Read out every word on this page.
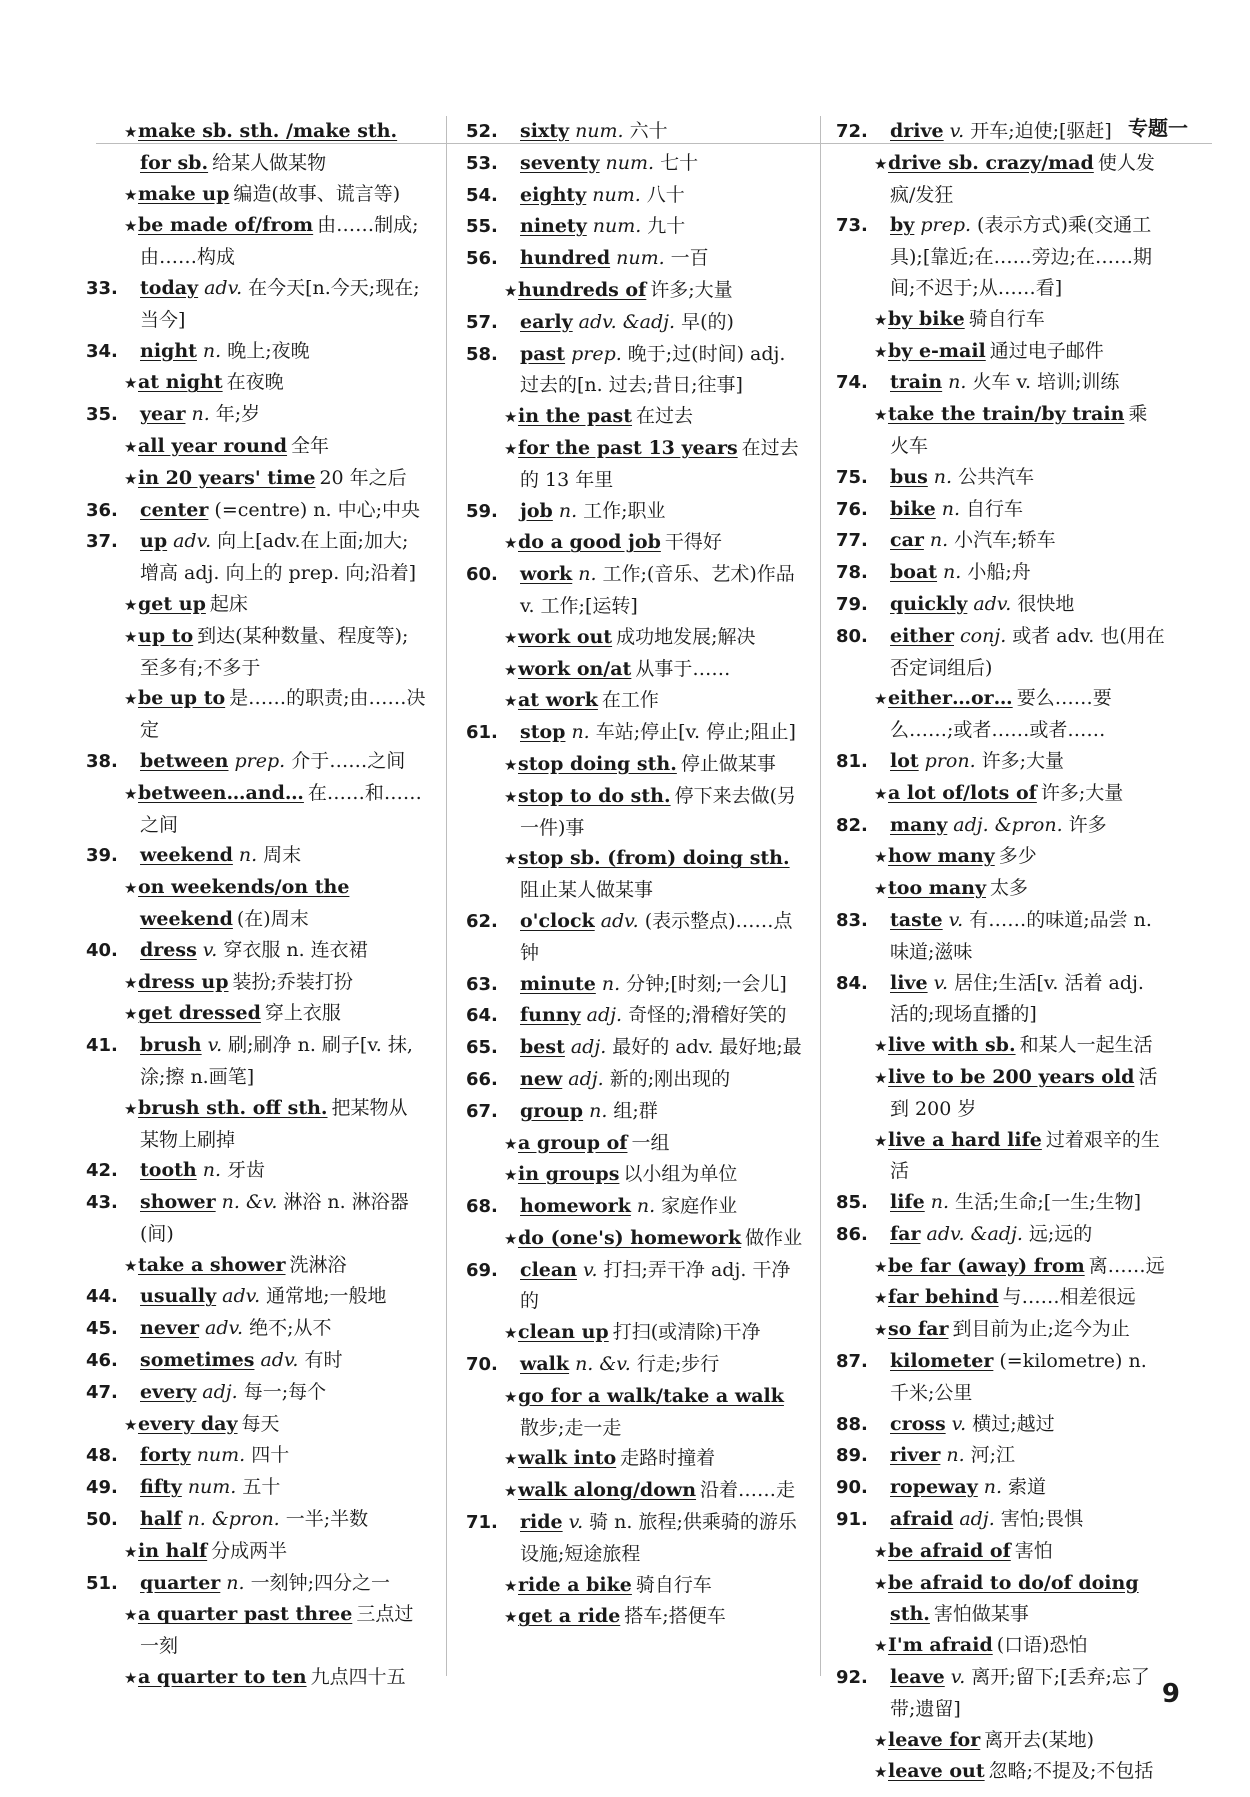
专题一
★make sb. sth. /make sth. for sb. 给某人做某物
★make up 编造(故事、谎言等)
★be made of/from 由……制成;由……构成
33. today adv. 在今天[n.今天;现在;当今]
34. night n. 晚上;夜晚
★at night 在夜晚
35. year n. 年;岁
★all year round 全年
★in 20 years' time 20 年之后
36. center (=centre) n. 中心;中央
37. up adv. 向上[adv.在上面;加大;增高 adj. 向上的 prep. 向;沿着]
★get up 起床
★up to 到达(某种数量、程度等);至多有;不多于
★be up to 是……的职责;由……决定
38. between prep. 介于……之间
★between…and… 在……和……之间
39. weekend n. 周末
★on weekends/on the weekend (在)周末
40. dress v. 穿衣服 n. 连衣裙
★dress up 装扮;乔装打扮
★get dressed 穿上衣服
41. brush v. 刷;刷净 n. 刷子[v. 抹,涂;擦 n.画笔]
★brush sth. off sth. 把某物从某物上刷掉
42. tooth n. 牙齿
43. shower n. &v. 淋浴 n. 淋浴器(间)
★take a shower 洗淋浴
44. usually adv. 通常地;一般地
45. never adv. 绝不;从不
46. sometimes adv. 有时
47. every adj. 每一;每个
★every day 每天
48. forty num. 四十
49. fifty num. 五十
50. half n. &pron. 一半;半数
★in half 分成两半
51. quarter n. 一刻钟;四分之一
★a quarter past three 三点过一刻
★a quarter to ten 九点四十五
52. sixty num. 六十
53. seventy num. 七十
54. eighty num. 八十
55. ninety num. 九十
56. hundred num. 一百
★hundreds of 许多;大量
57. early adv. &adj. 早(的)
58. past prep. 晚于;过(时间) adj. 过去的[n. 过去;昔日;往事]
★in the past 在过去
★for the past 13 years 在过去的 13 年里
59. job n. 工作;职业
★do a good job 干得好
60. work n. 工作;(音乐、艺术)作品 v. 工作;[运转]
★work out 成功地发展;解决
★work on/at 从事于……
★at work 在工作
61. stop n. 车站;停止[v. 停止;阻止]
★stop doing sth. 停止做某事
★stop to do sth. 停下来去做(另一件)事
★stop sb. (from) doing sth.阻止某人做某事
62. o'clock adv. (表示整点)……点钟
63. minute n. 分钟;[时刻;一会儿]
64. funny adj. 奇怪的;滑稽好笑的
65. best adj. 最好的 adv. 最好地;最
66. new adj. 新的;刚出现的
67. group n. 组;群
★a group of 一组
★in groups 以小组为单位
68. homework n. 家庭作业
★do (one's) homework 做作业
69. clean v. 打扫;弄干净 adj. 干净的
★clean up 打扫(或清除)干净
70. walk n. &v. 行走;步行
★go for a walk/take a walk散步;走一走
★walk into 走路时撞着
★walk along/down 沿着……走
71. ride v. 骑 n. 旅程;供乘骑的游乐设施;短途旅程
★ride a bike 骑自行车
★get a ride 搭车;搭便车
72. drive v. 开车;迫使;[驱赶]
★drive sb. crazy/mad 使人发疯/发狂
73. by prep. (表示方式)乘(交通工具);[靠近;在……旁边;在……期间;不迟于;从……看]
★by bike 骑自行车
★by e-mail 通过电子邮件
74. train n. 火车 v. 培训;训练
★take the train/by train 乘火车
75. bus n. 公共汽车
76. bike n. 自行车
77. car n. 小汽车;轿车
78. boat n. 小船;舟
79. quickly adv. 很快地
80. either conj. 或者 adv. 也(用在否定词组后)
★either…or… 要么……要么……;或者……或者……
81. lot pron. 许多;大量
★a lot of/lots of 许多;大量
82. many adj. &pron. 许多
★how many 多少
★too many 太多
83. taste v. 有……的味道;品尝 n. 味道;滋味
84. live v. 居住;生活[v. 活着 adj. 活的;现场直播的]
★live with sb. 和某人一起生活
★live to be 200 years old 活到 200 岁
★live a hard life 过着艰辛的生活
85. life n. 生活;生命;[一生;生物]
86. far adv. &adj. 远;远的
★be far (away) from 离……远
★far behind 与……相差很远
★so far 到目前为止;迄今为止
87. kilometer (=kilometre) n. 千米;公里
88. cross v. 横过;越过
89. river n. 河;江
90. ropeway n. 索道
91. afraid adj. 害怕;畏惧
★be afraid of 害怕
★be afraid to do/of doing sth. 害怕做某事
★I'm afraid (口语)恐怕
92. leave v. 离开;留下;[丢弃;忘了带;遗留]
★leave for 离开去(某地)
★leave out 忽略;不提及;不包括
9
